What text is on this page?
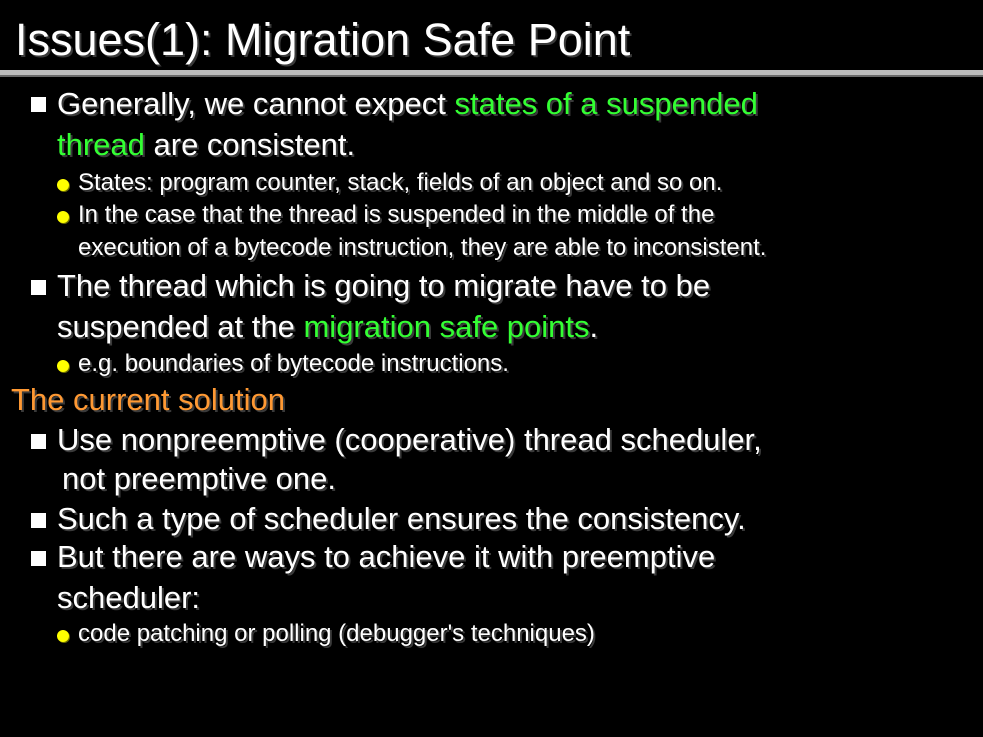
Issues(1): Migration Safe Point
Generally, we cannot expect states of a suspended
thread are consistent.
States: program counter, stack, fields of an object and so on.
In the case that the thread is suspended in the middle of the
execution of a bytecode instruction, they are able to inconsistent.
The thread which is going to migrate have to be
suspended at the migration safe points.
e.g. boundaries of bytecode instructions.
The current solution
Use nonpreemptive (cooperative) thread scheduler,
not preemptive one.
Such a type of scheduler ensures the consistency.
But there are ways to achieve it with preemptive
scheduler:
code patching or polling (debugger's techniques)
